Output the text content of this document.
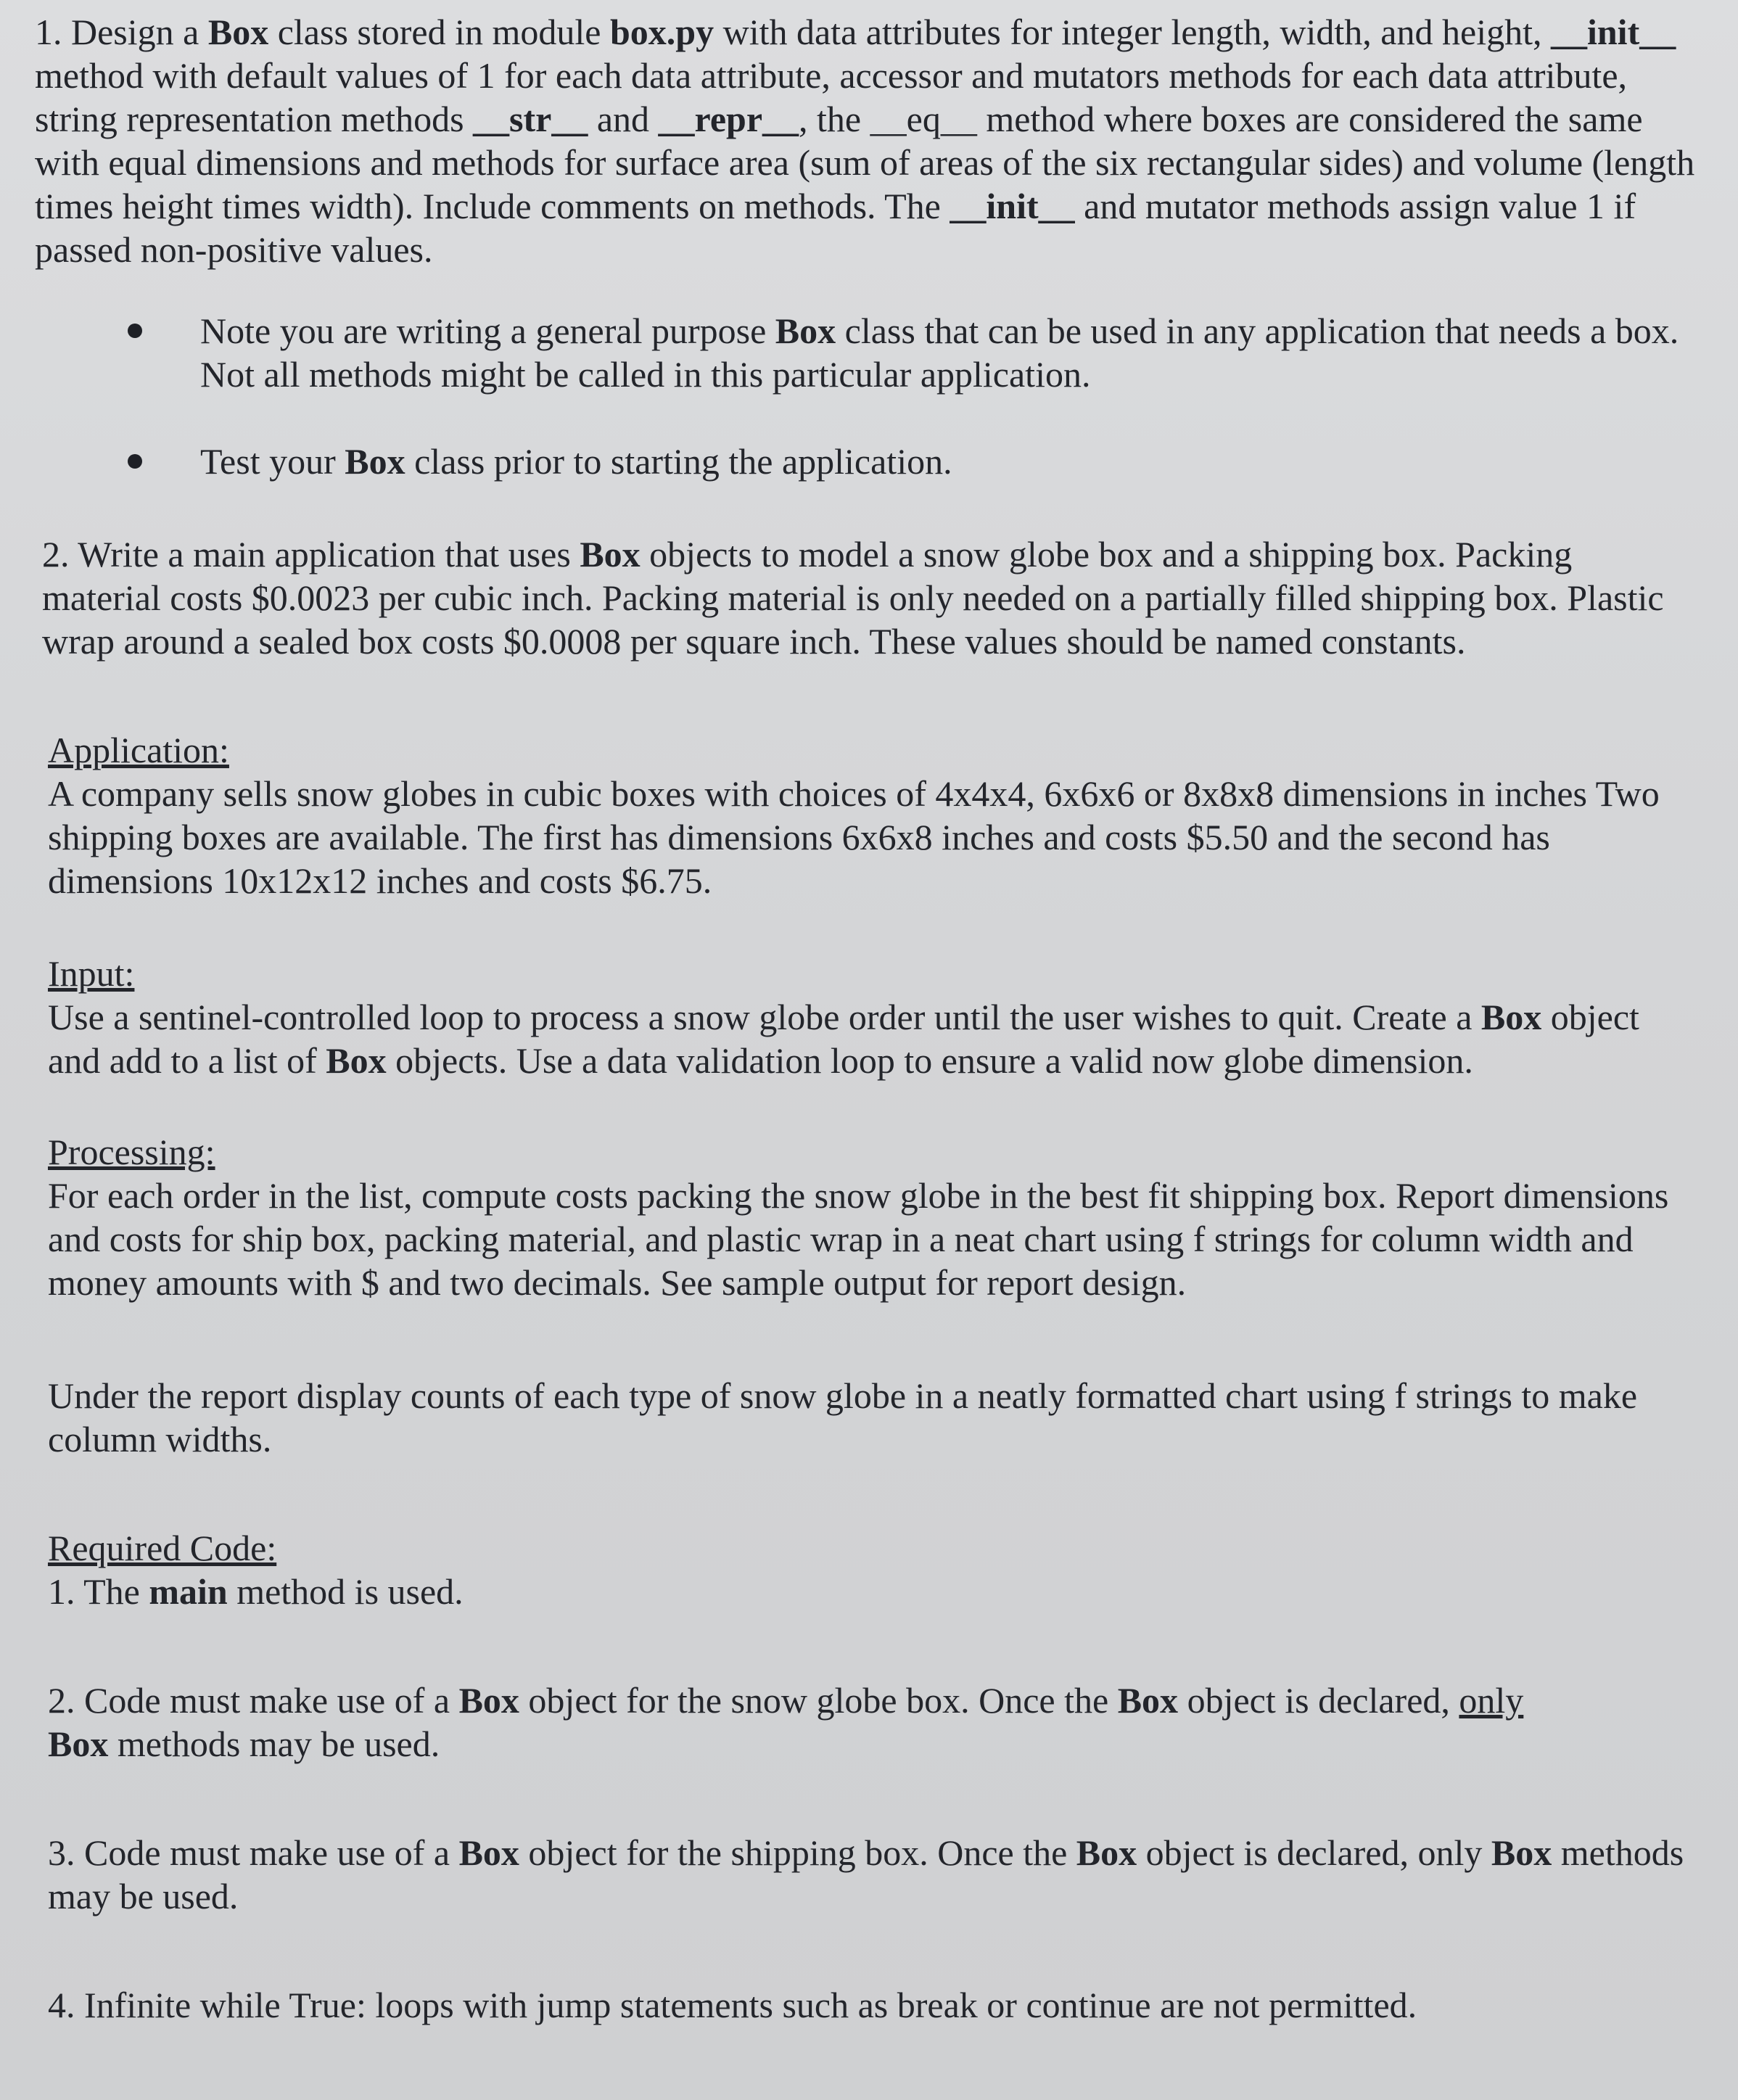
1. Design a Box class stored in module box.py with data attributes for integer length, width, and height, __init__ method with default values of 1 for each data attribute, accessor and mutators methods for each data attribute, string representation methods __str__ and __repr__, the __eq__ method where boxes are considered the same with equal dimensions and methods for surface area (sum of areas of the six rectangular sides) and volume (length times height times width). Include comments on methods. The __init__ and mutator methods assign value 1 if passed non-positive values.

Note you are writing a general purpose Box class that can be used in any application that needs a box. Not all methods might be called in this particular application.
Test your Box class prior to starting the application.

2. Write a main application that uses Box objects to model a snow globe box and a shipping box. Packing material costs $0.0023 per cubic inch. Packing material is only needed on a partially filled shipping box. Plastic wrap around a sealed box costs $0.0008 per square inch. These values should be named constants.

Application:
A company sells snow globes in cubic boxes with choices of 4x4x4, 6x6x6 or 8x8x8 dimensions in inches Two shipping boxes are available. The first has dimensions 6x6x8 inches and costs $5.50 and the second has dimensions 10x12x12 inches and costs $6.75.
Input:
Use a sentinel-controlled loop to process a snow globe order until the user wishes to quit. Create a Box object and add to a list of Box objects. Use a data validation loop to ensure a valid now globe dimension.
Processing:
For each order in the list, compute costs packing the snow globe in the best fit shipping box. Report dimensions and costs for ship box, packing material, and plastic wrap in a neat chart using f strings for column width and money amounts with $ and two decimals. See sample output for report design.
Under the report display counts of each type of snow globe in a neatly formatted chart using f strings to make column widths.
Required Code:
1. The main method is used.
2. Code must make use of a Box object for the snow globe box. Once the Box object is declared, only
Box methods may be used.
3. Code must make use of a Box object for the shipping box. Once the Box object is declared, only Box methods may be used.
4. Infinite while True: loops with jump statements such as break or continue are not permitted.
